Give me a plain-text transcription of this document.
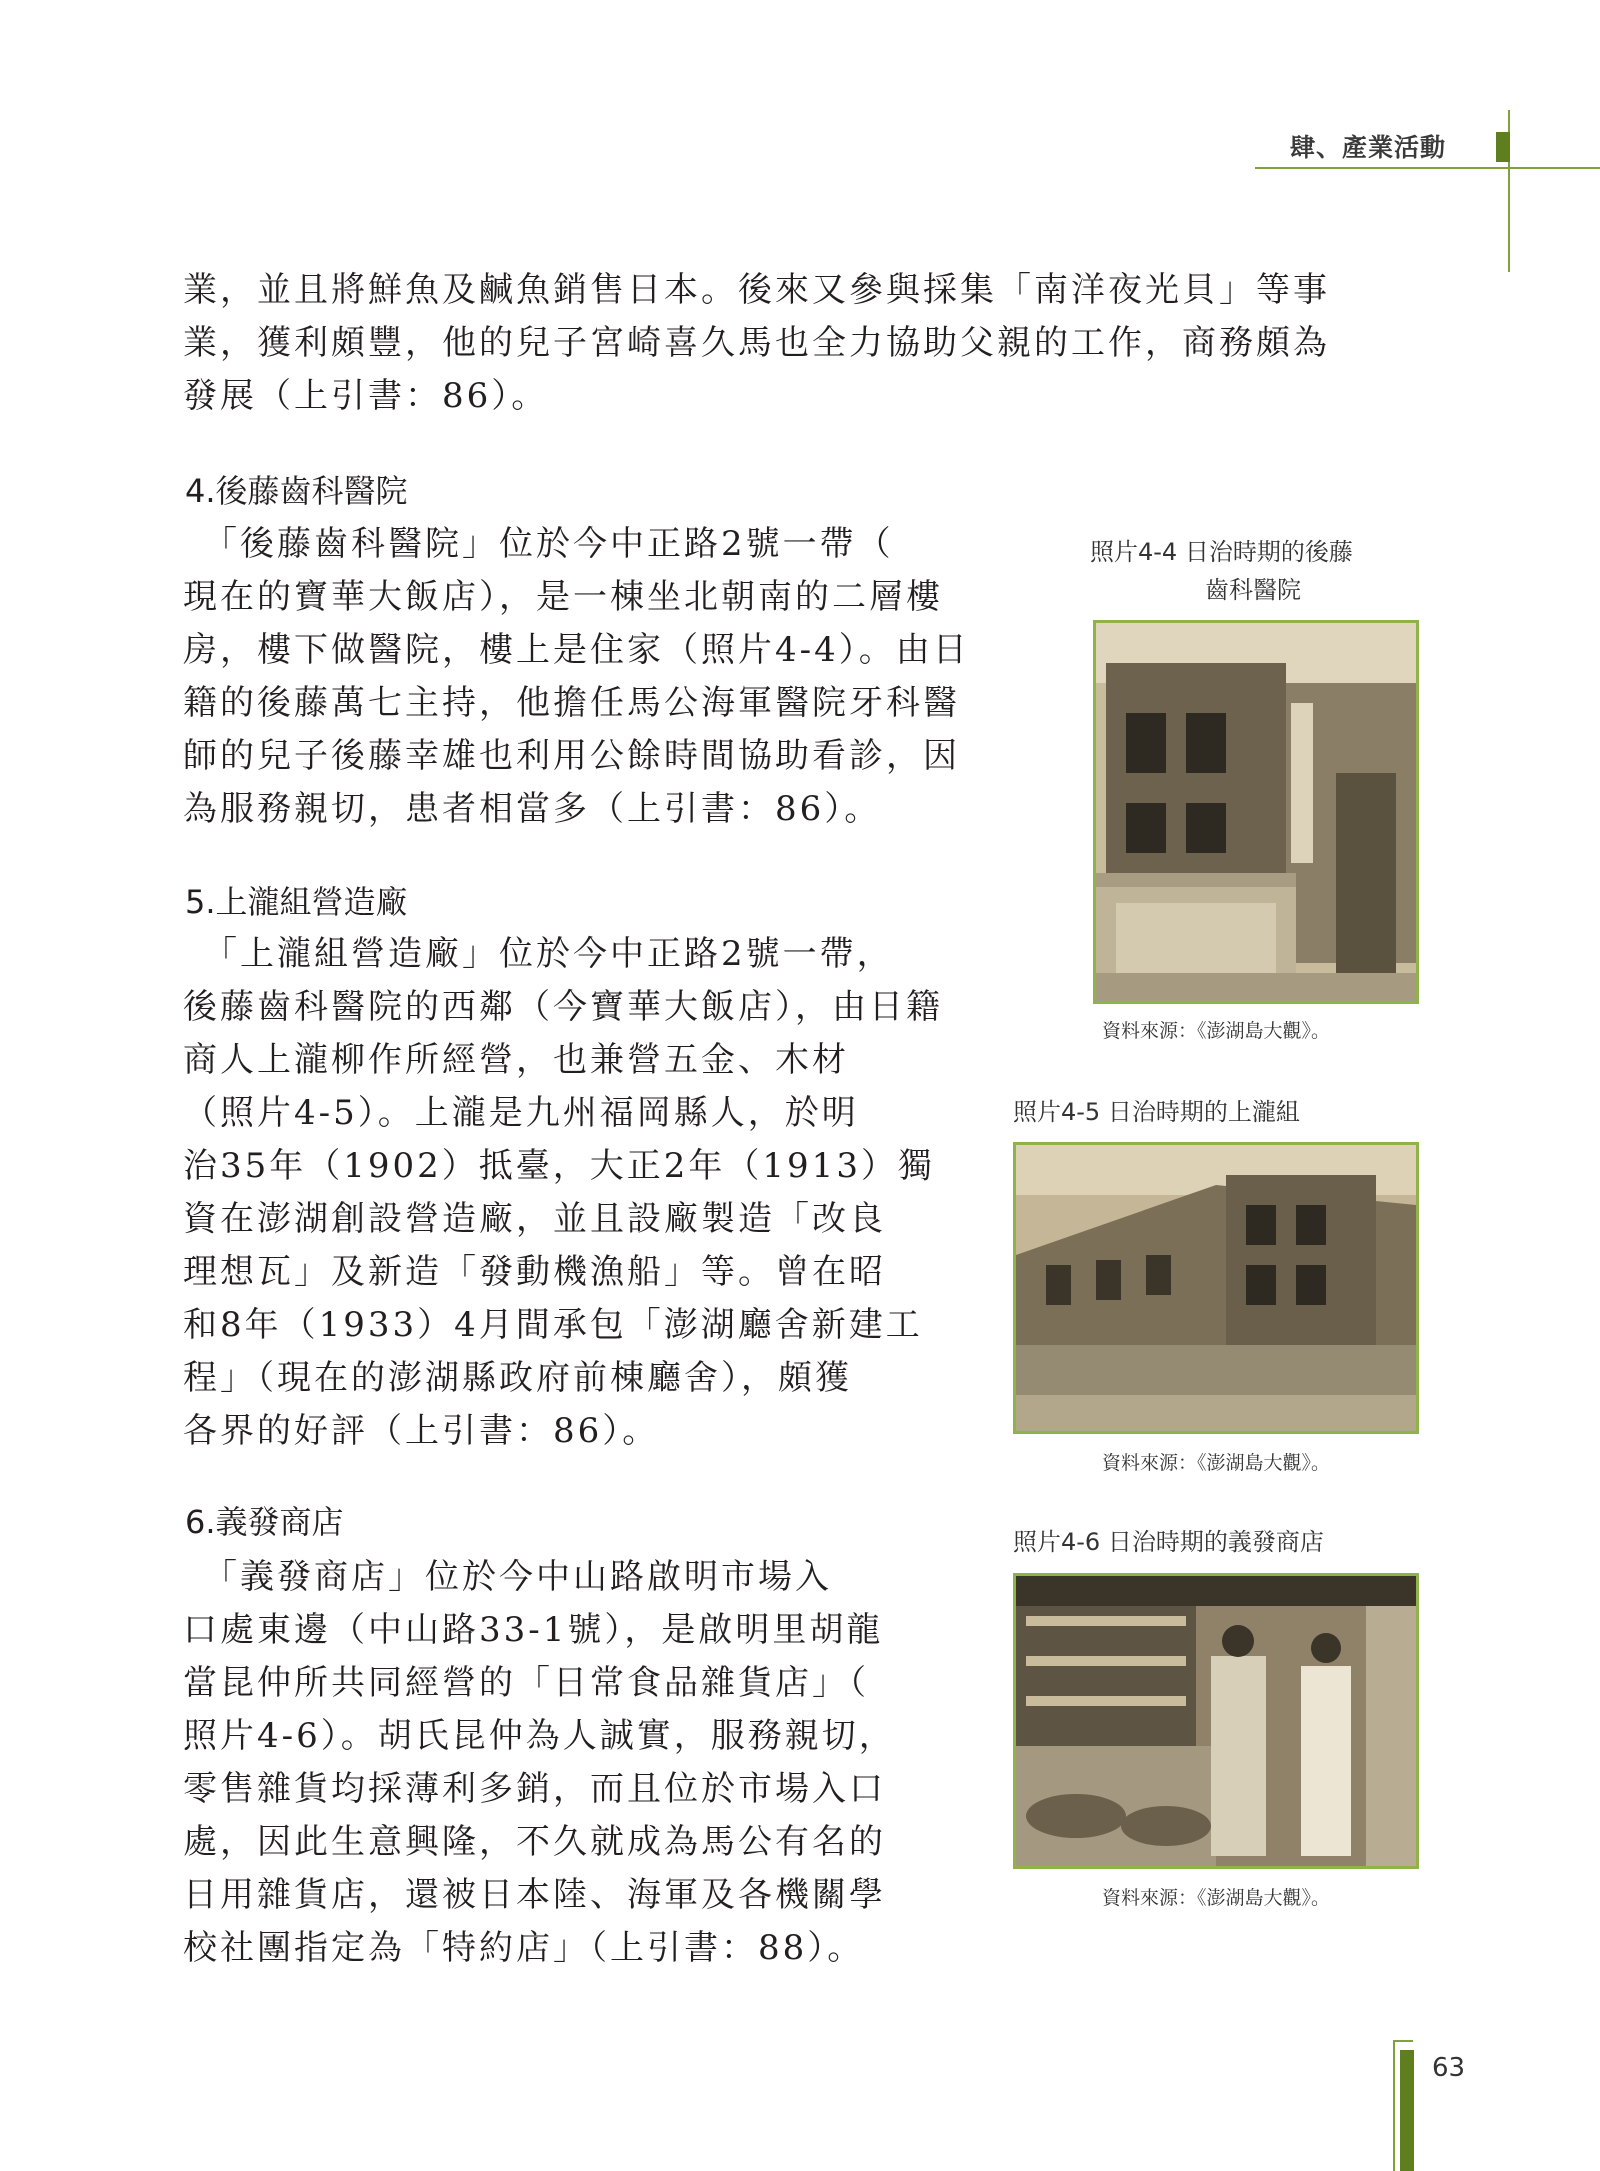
肆、產業活動

業，並且將鮮魚及鹹魚銷售日本。後來又參與採集「南洋夜光貝」等事
業，獲利頗豐，他的兒子宮崎喜久馬也全力協助父親的工作，商務頗為
發展（上引書：86）。

4.後藤齒科醫院

　「後藤齒科醫院」位於今中正路2號一帶（
現在的寶華大飯店），是一棟坐北朝南的二層樓
房，樓下做醫院，樓上是住家（照片4-4）。由日
籍的後藤萬七主持，他擔任馬公海軍醫院牙科醫
師的兒子後藤幸雄也利用公餘時間協助看診，因
為服務親切，患者相當多（上引書：86）。

5.上瀧組營造廠

　「上瀧組營造廠」位於今中正路2號一帶，
後藤齒科醫院的西鄰（今寶華大飯店），由日籍
商人上瀧柳作所經營，也兼營五金、木材
（照片4-5）。上瀧是九州福岡縣人，於明
治35年（1902）抵臺，大正2年（1913）獨
資在澎湖創設營造廠，並且設廠製造「改良
理想瓦」及新造「發動機漁船」等。曾在昭
和8年（1933）4月間承包「澎湖廳舍新建工
程」（現在的澎湖縣政府前棟廳舍），頗獲
各界的好評（上引書：86）。

6.義發商店

　「義發商店」位於今中山路啟明市場入
口處東邊（中山路33-1號），是啟明里胡龍
當昆仲所共同經營的「日常食品雜貨店」（
照片4-6）。胡氏昆仲為人誠實，服務親切，
零售雜貨均採薄利多銷，而且位於市場入口
處，因此生意興隆，不久就成為馬公有名的
日用雜貨店，還被日本陸、海軍及各機關學
校社團指定為「特約店」（上引書：88）。

照片4-4 日治時期的後藤
齒科醫院
資料來源：《澎湖島大觀》。
照片4-5 日治時期的上瀧組
資料來源：《澎湖島大觀》。
照片4-6 日治時期的義發商店
資料來源：《澎湖島大觀》。
63
